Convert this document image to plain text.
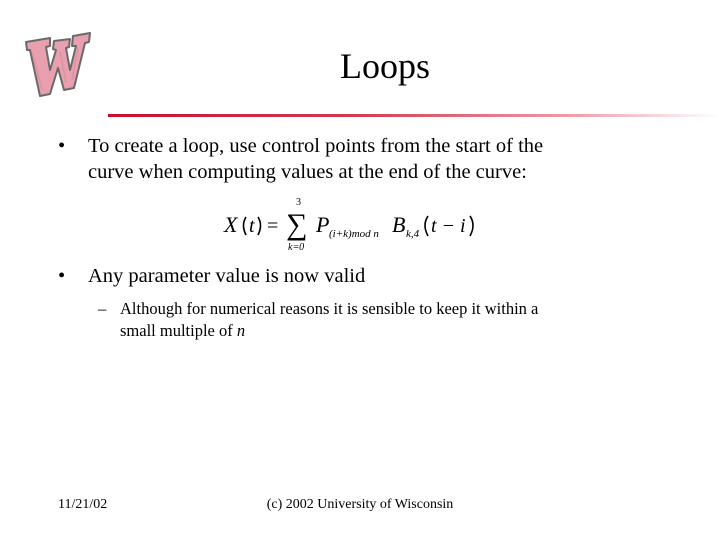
Loops
• To create a loop, use control points from the start of the
curve when computing values at the end of the curve:
X t =
3
∑
k=0
P (i+k)mod n B k,4 t − i
• Any parameter value is now valid
– Although for numerical reasons it is sensible to keep it within a
small multiple of n
11/21/02	(c) 2002 University of Wisconsin
